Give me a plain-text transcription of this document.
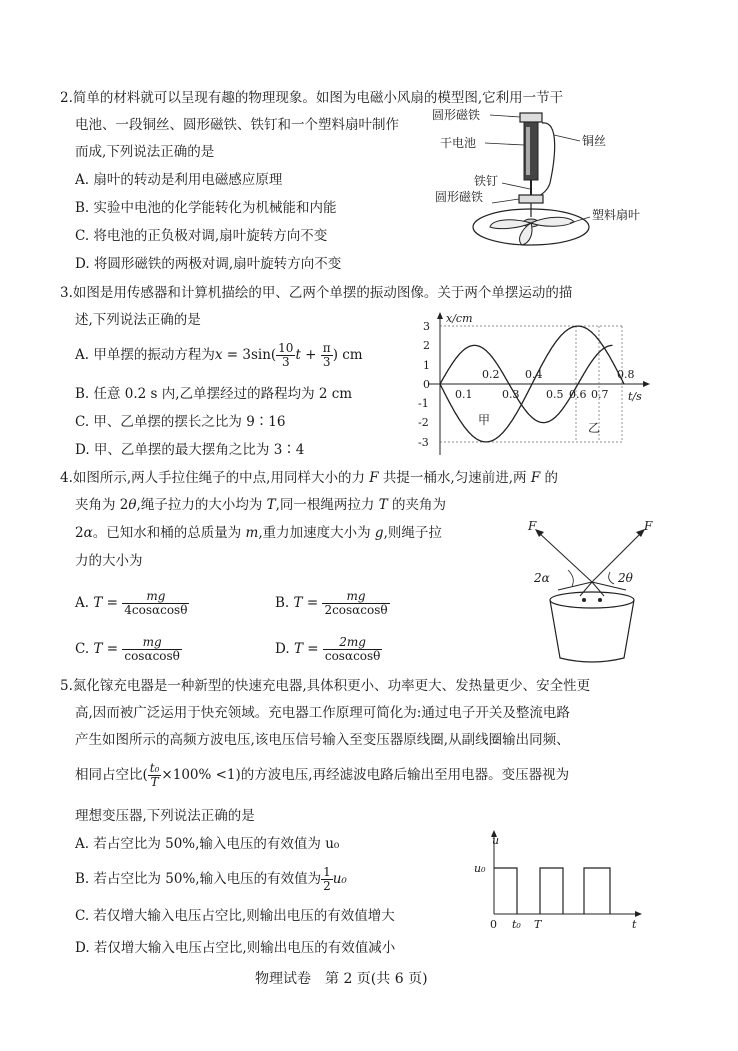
2.简单的材料就可以呈现有趣的物理现象。如图为电磁小风扇的模型图,它利用一节干
电池、一段铜丝、圆形磁铁、铁钉和一个塑料扇叶制作
而成,下列说法正确的是
A. 扇叶的转动是利用电磁感应原理
B. 实验中电池的化学能转化为机械能和内能
C. 将电池的正负极对调,扇叶旋转方向不变
D. 将圆形磁铁的两极对调,扇叶旋转方向不变
圆形磁铁
干电池	铜丝
铁钉
圆形磁铁
塑料扇叶
3.如图是用传感器和计算机描绘的甲、乙两个单摆的振动图像。关于两个单摆运动的描
述,下列说法正确的是
A. 甲单摆的振动方程为$x = 3\sin( \frac{10}{3}$ $t + \frac{\pi}{3}$ ) cm
B. 任意 0.2 s 内,乙单摆经过的路程均为 2 cm
C. 甲、乙单摆的摆长之比为 9∶16
D. 甲、乙单摆的最大摆角之比为 3∶4
3
2
1
0
-1
-2
-3
x/cm
t/s
0.1	0.3 0.5 0.6 0.7
0.2 0.4	0.8
甲
乙
4.如图所示,两人手拉住绳子的中点,用同样大小的力 F 共提一桶水,匀速前进,两 F 的
夹角为 2θ,绳子拉力的大小均为 T,同一根绳两拉力 T 的夹角为
2α。已知水和桶的总质量为 m,重力加速度大小为 g,则绳子拉
力的大小为
A. $T = \frac{mg}{4\cos\alpha\cos\theta}$	B. $T = \frac{mg}{2\cos\alpha\cos\theta}$
C. $T = \frac{mg}{\cos\alpha\cos\theta}$	D. $T = \frac{2mg}{\cos\alpha\cos\theta}$
F	F
2α	2θ
5.氮化镓充电器是一种新型的快速充电器,具体积更小、功率更大、发热量更少、安全性更
高,因而被广泛运用于快充领域。充电器工作原理可简化为:通过电子开关及整流电路
产生如图所示的高频方波电压,该电压信号输入至变压器原线圈,从副线圈输出同频、
相同占空比( $\frac{\text{t₀}}{T} \times 100\% <1$)的方波电压,再经滤波电路后输出至用电器。变压器视为
理想变压器,下列说法正确的是
A. 若占空比为 50%,输入电压的有效值为 u₀
B. 若占空比为 50%,输入电压的有效值为 $\frac{1}{2} u_0$
C. 若仅增大输入电压占空比,则输出电压的有效值增大
D. 若仅增大输入电压占空比,则输出电压的有效值减小
u
u₀
0 t₀ T	t
物理试卷　第 2 页(共 6 页)
